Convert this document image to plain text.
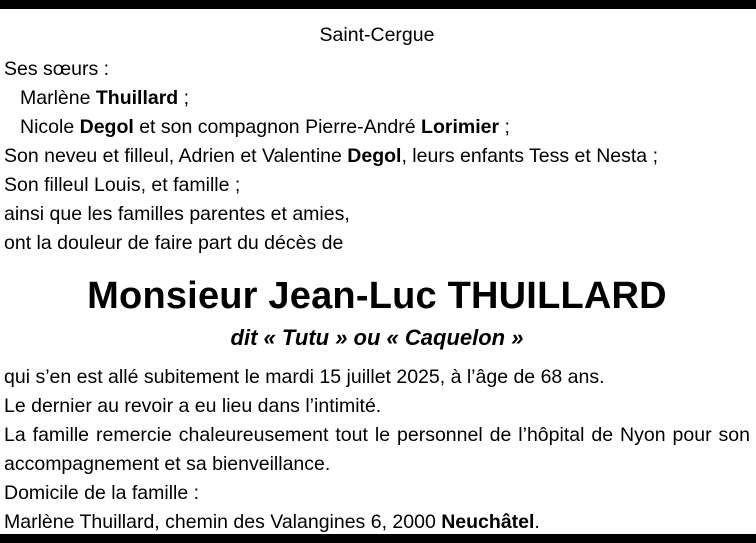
Saint-Cergue
Ses sœurs :
Marlène Thuillard ;
Nicole Degol et son compagnon Pierre-André Lorimier ;
Son neveu et filleul, Adrien et Valentine Degol, leurs enfants Tess et Nesta ;
Son filleul Louis, et famille ;
ainsi que les familles parentes et amies,
ont la douleur de faire part du décès de
Monsieur Jean-Luc THUILLARD
dit « Tutu » ou « Caquelon »
qui s’en est allé subitement le mardi 15 juillet 2025, à l’âge de 68 ans.
Le dernier au revoir a eu lieu dans l’intimité.
La famille remercie chaleureusement tout le personnel de l’hôpital de Nyon pour son accompagnement et sa bienveillance.
Domicile de la famille :
Marlène Thuillard, chemin des Valangines 6, 2000 Neuchâtel.
